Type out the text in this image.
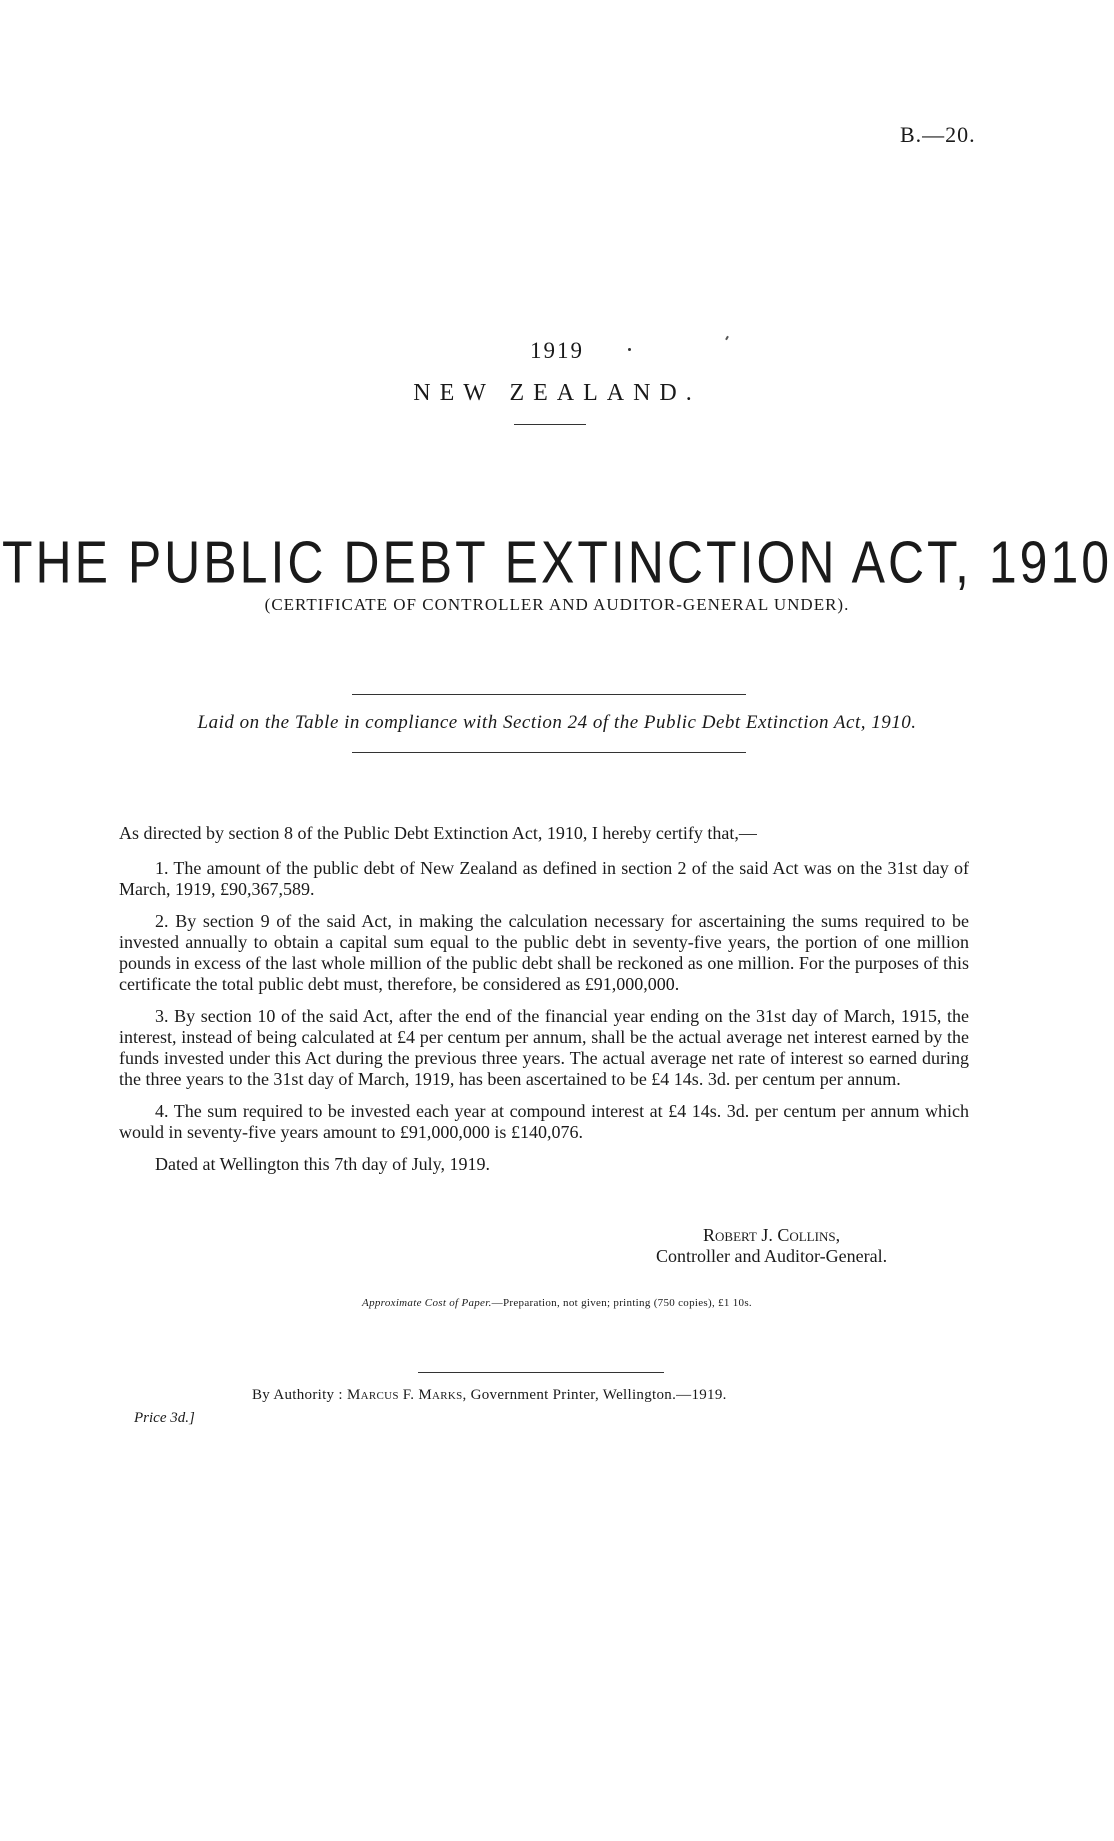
B.—20.
1919
NEW ZEALAND.
THE PUBLIC DEBT EXTINCTION ACT, 1910
(CERTIFICATE OF CONTROLLER AND AUDITOR-GENERAL UNDER).
Laid on the Table in compliance with Section 24 of the Public Debt Extinction Act, 1910.

As directed by section 8 of the Public Debt Extinction Act, 1910, I hereby certify that,—

1. The amount of the public debt of New Zealand as defined in section 2 of the said Act was on the 31st day of March, 1919, £90,367,589.

2. By section 9 of the said Act, in making the calculation necessary for ascertaining the sums required to be invested annually to obtain a capital sum equal to the public debt in seventy-five years, the portion of one million pounds in excess of the last whole million of the public debt shall be reckoned as one million. For the purposes of this certificate the total public debt must, therefore, be considered as £91,000,000.

3. By section 10 of the said Act, after the end of the financial year ending on the 31st day of March, 1915, the interest, instead of being calculated at £4 per centum per annum, shall be the actual average net interest earned by the funds invested under this Act during the previous three years. The actual average net rate of interest so earned during the three years to the 31st day of March, 1919, has been ascertained to be £4 14s. 3d. per centum per annum.

4. The sum required to be invested each year at compound interest at £4 14s. 3d. per centum per annum which would in seventy-five years amount to £91,000,000 is £140,076.

Dated at Wellington this 7th day of July, 1919.

Robert J. Collins,
Controller and Auditor-General.
Approximate Cost of Paper.—Preparation, not given; printing (750 copies), £1 10s.
By Authority : Marcus F. Marks, Government Printer, Wellington.—1919.
Price 3d.]
